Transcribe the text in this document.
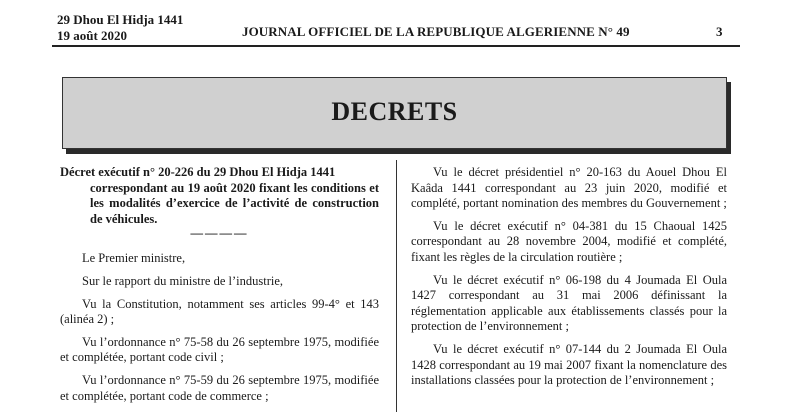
29 Dhou El Hidja 1441
19 août 2020	JOURNAL OFFICIEL DE LA REPUBLIQUE ALGERIENNE N° 49	3
DECRETS
Décret exécutif n° 20-226 du 29 Dhou El Hidja 1441
correspondant au 19 août 2020 fixant les conditions et les modalités d’exercice de l’activité de construction de véhicules.
————

Le Premier ministre,

Sur le rapport du ministre de l’industrie,

Vu la Constitution, notamment ses articles 99-4° et 143 (alinéa 2) ;

Vu l’ordonnance n° 75-58 du 26 septembre 1975, modifiée et complétée, portant code civil ;

Vu l’ordonnance n° 75-59 du 26 septembre 1975, modifiée et complétée, portant code de commerce ;

Vu le décret présidentiel n° 20-163 du Aouel Dhou El Kaâda 1441 correspondant au 23 juin 2020, modifié et complété, portant nomination des membres du Gouvernement ;

Vu le décret exécutif n° 04-381 du 15 Chaoual 1425 correspondant au 28 novembre 2004, modifié et complété, fixant les règles de la circulation routière ;

Vu le décret exécutif n° 06-198 du 4 Joumada El Oula 1427 correspondant au 31 mai 2006 définissant la réglementation applicable aux établissements classés pour la protection de l’environnement ;

Vu le décret exécutif n° 07-144 du 2 Joumada El Oula 1428 correspondant au 19 mai 2007 fixant la nomenclature des installations classées pour la protection de l’environnement ;
